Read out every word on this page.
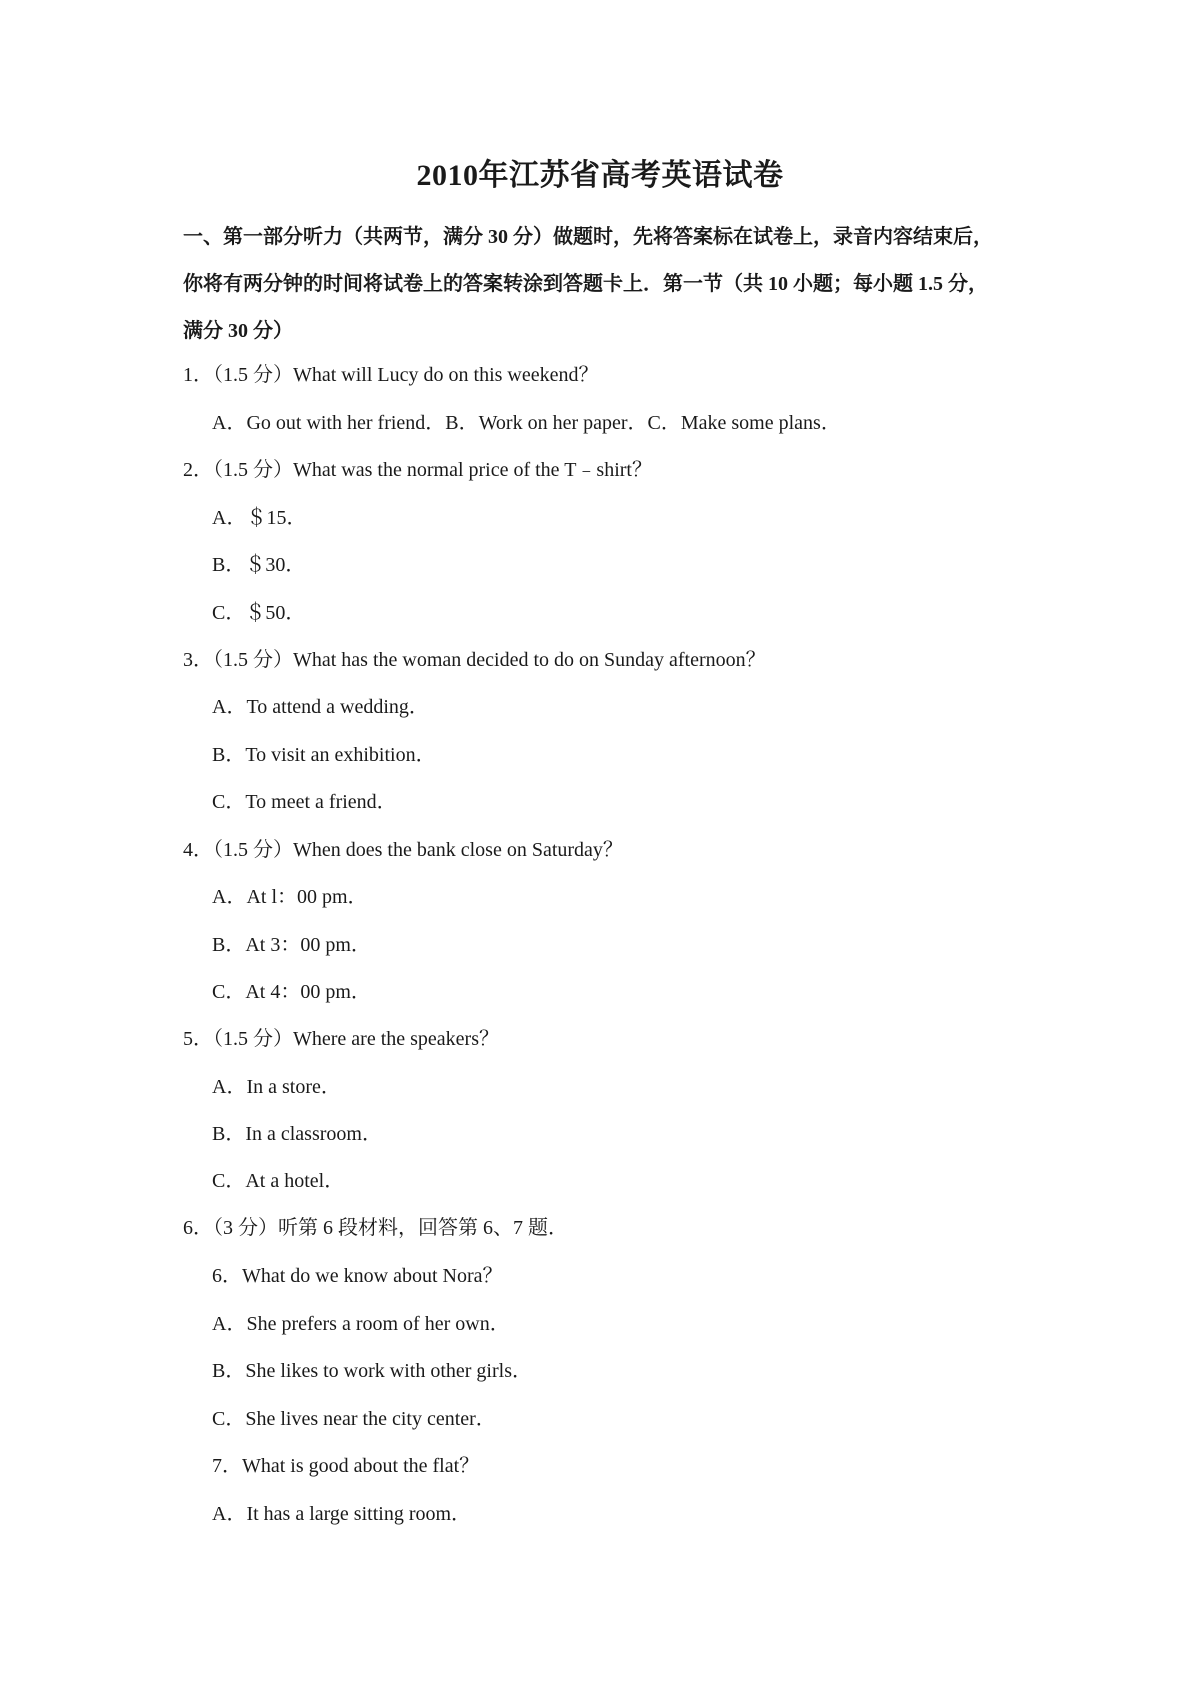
2010年江苏省高考英语试卷
一、第一部分听力（共两节，满分 30 分）做题时，先将答案标在试卷上，录音内容结束后，
你将有两分钟的时间将试卷上的答案转涂到答题卡上．第一节（共 10 小题；每小题 1.5 分，
满分 30 分）
1．（1.5 分）What will Lucy do on this weekend？
A．Go out with her friend．B．Work on her paper．C．Make some plans．
2．（1.5 分）What was the normal price of the T﹣shirt？
A．＄15．
B．＄30．
C．＄50．
3．（1.5 分）What has the woman decided to do on Sunday afternoon？
A．To attend a wedding．
B．To visit an exhibition．
C．To meet a friend．
4．（1.5 分）When does the bank close on Saturday？
A．At l：00 pm．
B．At 3：00 pm．
C．At 4：00 pm．
5．（1.5 分）Where are the speakers？
A．In a store．
B．In a classroom．
C．At a hotel．
6．（3 分）听第 6 段材料，回答第 6、7 题．
6．What do we know about Nora？
A．She prefers a room of her own．
B．She likes to work with other girls．
C．She lives near the city center．
7．What is good about the flat？
A．It has a large sitting room．
